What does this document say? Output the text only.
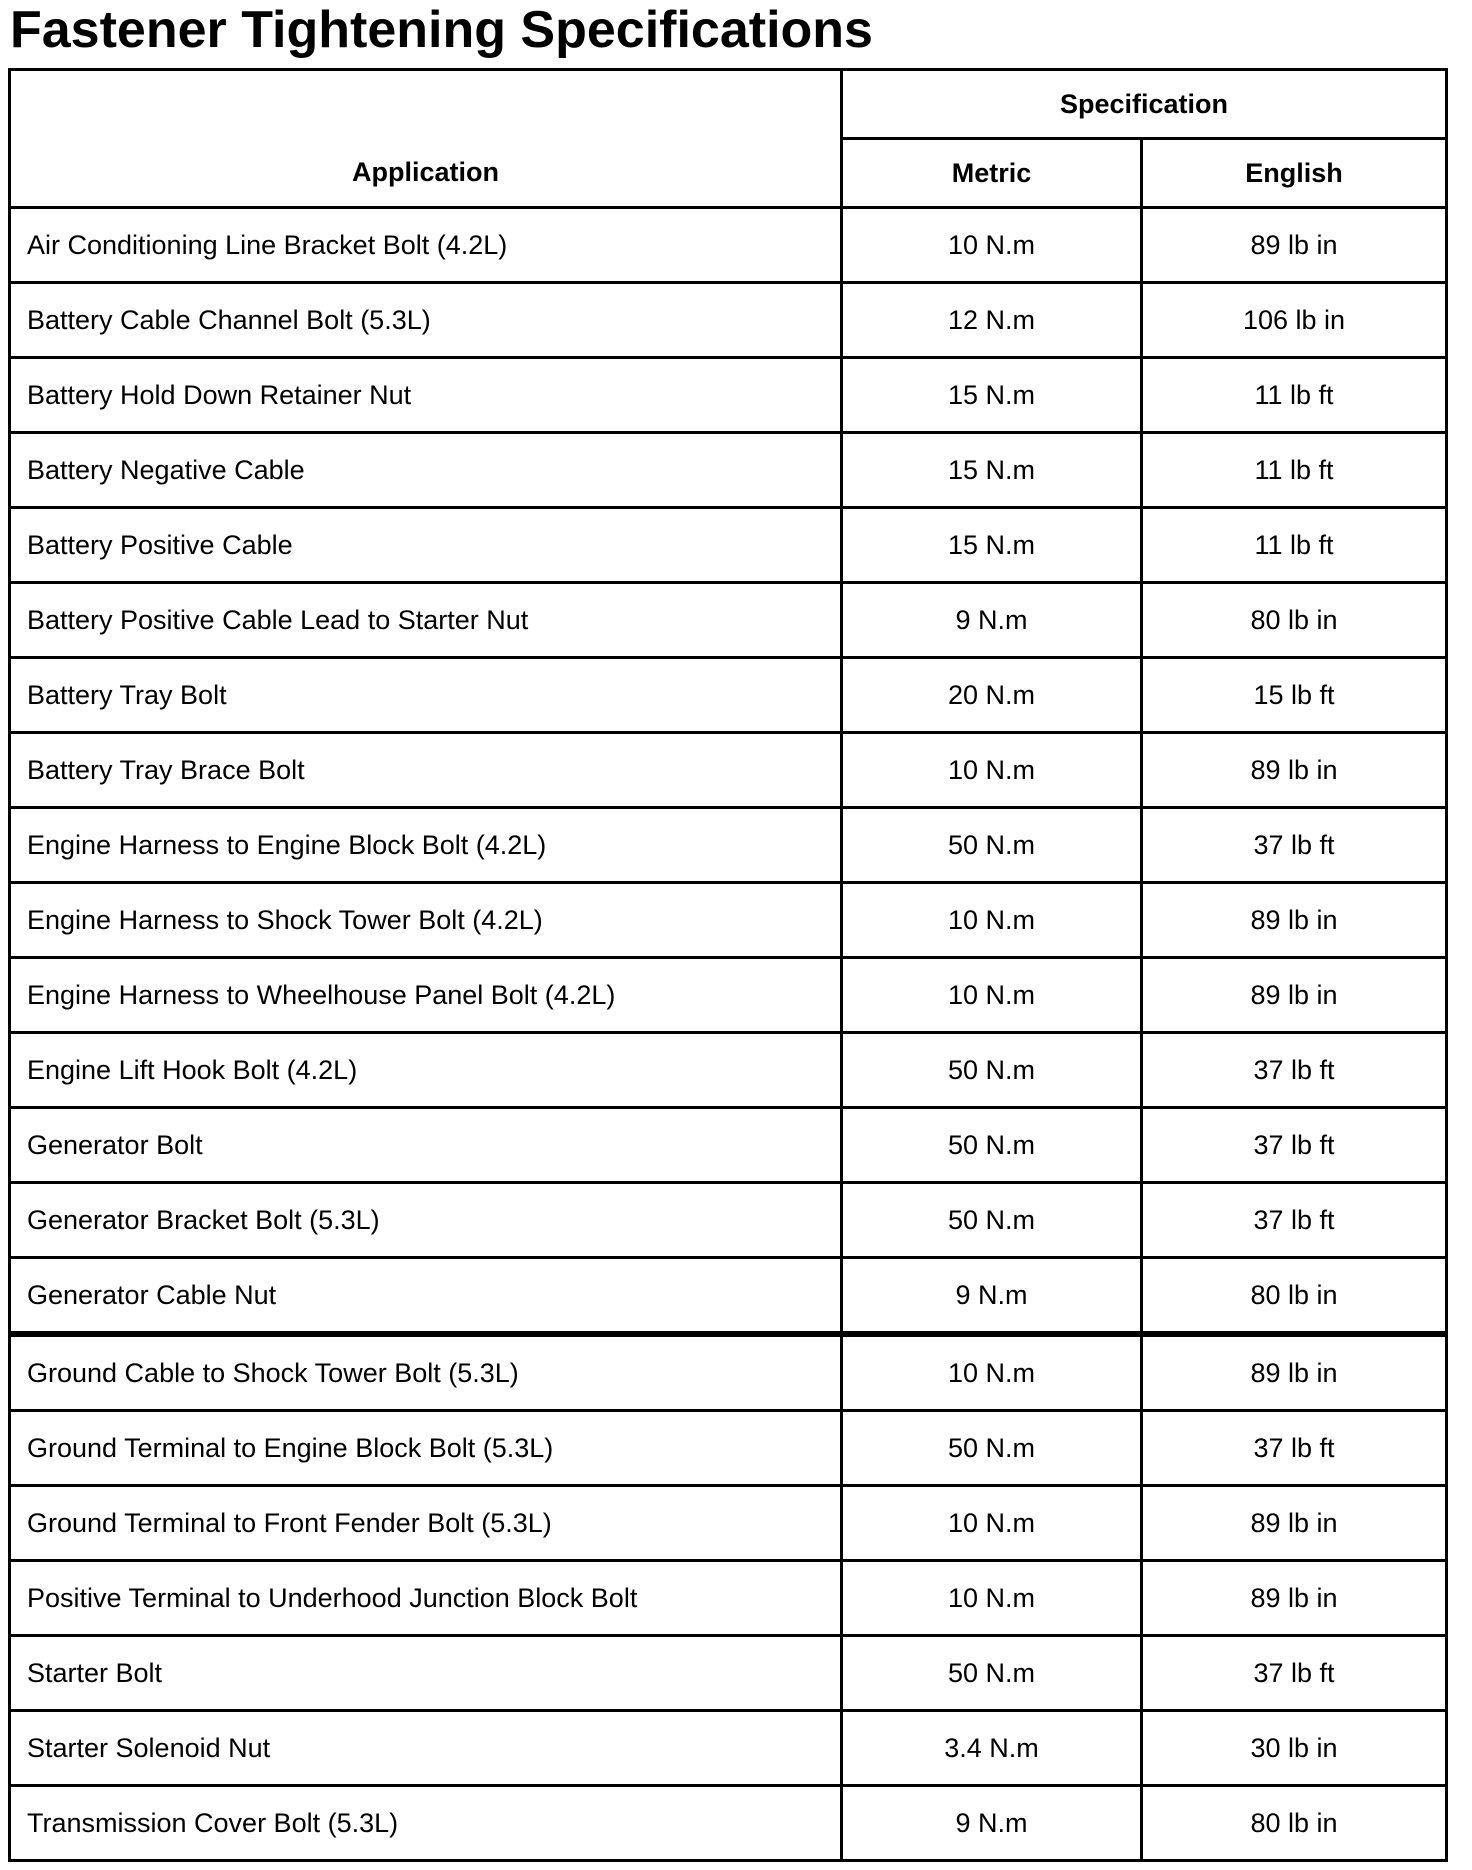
Fastener Tightening Specifications
Application	Specification	
	Metric	English
Air Conditioning Line Bracket Bolt (4.2L)	10 N.m	89 lb in
Battery Cable Channel Bolt (5.3L)	12 N.m	106 lb in
Battery Hold Down Retainer Nut	15 N.m	11 lb ft
Battery Negative Cable	15 N.m	11 lb ft
Battery Positive Cable	15 N.m	11 lb ft
Battery Positive Cable Lead to Starter Nut	9 N.m	80 lb in
Battery Tray Bolt	20 N.m	15 lb ft
Battery Tray Brace Bolt	10 N.m	89 lb in
Engine Harness to Engine Block Bolt (4.2L)	50 N.m	37 lb ft
Engine Harness to Shock Tower Bolt (4.2L)	10 N.m	89 lb in
Engine Harness to Wheelhouse Panel Bolt (4.2L)	10 N.m	89 lb in
Engine Lift Hook Bolt (4.2L)	50 N.m	37 lb ft
Generator Bolt	50 N.m	37 lb ft
Generator Bracket Bolt (5.3L)	50 N.m	37 lb ft
Generator Cable Nut	9 N.m	80 lb in
Ground Cable to Shock Tower Bolt (5.3L)	10 N.m	89 lb in
Ground Terminal to Engine Block Bolt (5.3L)	50 N.m	37 lb ft
Ground Terminal to Front Fender Bolt (5.3L)	10 N.m	89 lb in
Positive Terminal to Underhood Junction Block Bolt	10 N.m	89 lb in
Starter Bolt	50 N.m	37 lb ft
Starter Solenoid Nut	3.4 N.m	30 lb in
Transmission Cover Bolt (5.3L)	9 N.m	80 lb in
